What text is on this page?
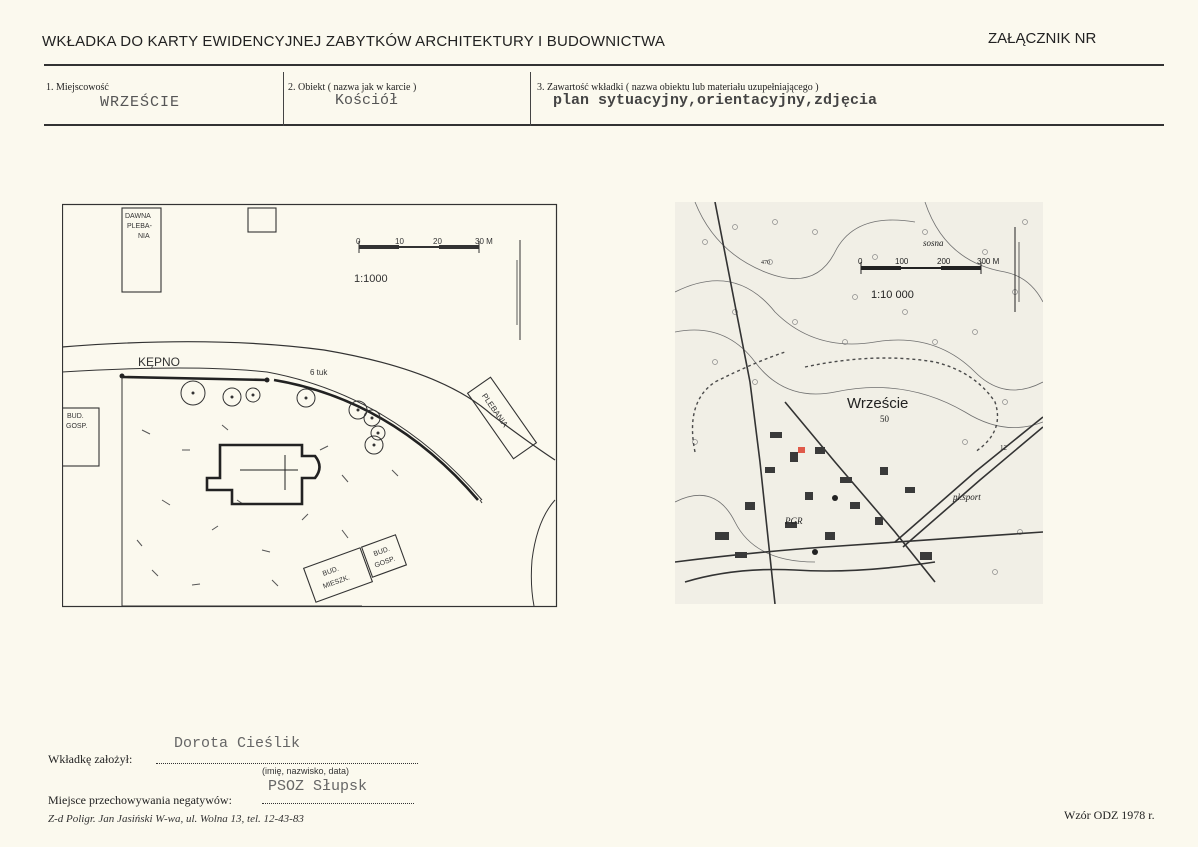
WKŁADKA DO KARTY EWIDENCYJNEJ ZABYTKÓW ARCHITEKTURY I BUDOWNICTWA	ZAŁĄCZNIK NR
1. Miejscowość
WRZEŚCIE
2. Obiekt ( nazwa jak w karcie )
Kościół
3. Zawartość wkładki ( nazwa obiektu lub materiału uzupełniającego )
plan sytuacyjny,orientacyjny,zdjęcia
DAWNA
PLEBA-
NIA
0	10	20	30 M
1:1000
KĘPNO
6 tuk
BUD.
GOSP.	PLEBANIA
BUD.
MIESZK.
BUD.
GOSP.
0	100	200	300 M
1:10 000
Wrzeście
50
sosna
PGR
pl.sport
470
12
Dorota Cieślik
Wkładkę założył:
(imię, nazwisko, data)
PSOZ Słupsk
Miejsce przechowywania negatywów:
Z-d Poligr. Jan Jasiński W-wa, ul. Wolna 13, tel. 12-43-83	Wzór ODZ 1978 r.
